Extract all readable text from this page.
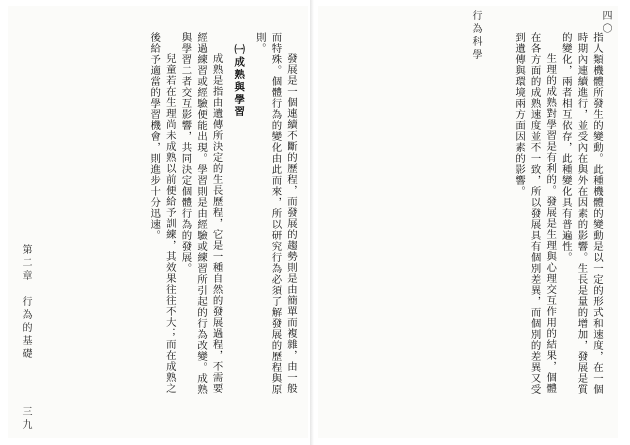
發展是一個連續不斷的歷程，而發展的趨勢則是由簡單而複雜，由一般而特殊。個體行為的變化由此而來，所以研究行為必須了解發展的歷程與原則。

㈠成熟與學習

成熟是指由遺傳所決定的生長歷程，它是一種自然的發展過程，不需要經過練習或經驗便能出現。學習則是由經驗或練習所引起的行為改變。成熟與學習二者交互影響，共同決定個體行為的發展。

兒童若在生理尚未成熟以前便給予訓練，其效果往往不大；而在成熟之後給予適當的學習機會，則進步十分迅速。

第二章　行為的基礎
三九
行為科學	四〇

指人類機體所發生的變動。此種機體的變動是以一定的形式和速度，在一個時期內連續進行，並受內在與外在因素的影響。生長是量的增加，發展是質的變化，兩者相互依存，此種變化具有普遍性。

生理的成熟對學習是有利的。發展是生理與心理交互作用的結果，個體在各方面的成熟速度並不一致，所以發展具有個別差異，而個別的差異又受到遺傳與環境兩方面因素的影響。
